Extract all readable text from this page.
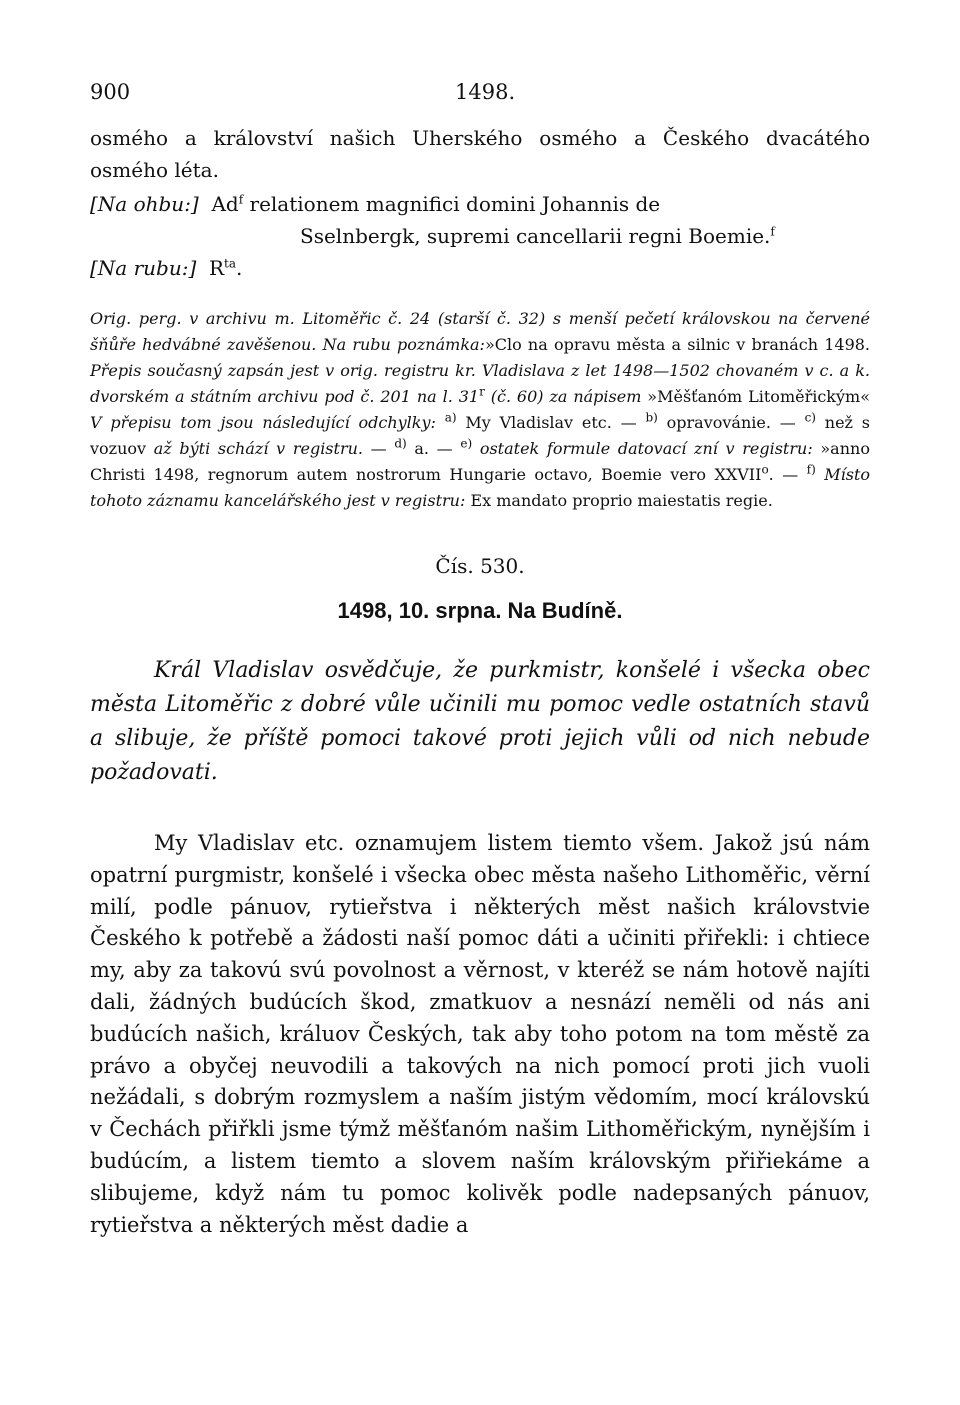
900	1498.
osmého a království našich Uherského osmého a Českého dvacátého osmého léta.
[Na ohbu:] Ad$^f$ relationem magnifici domini Johannis de
Sselnbergk, supremi cancellarii regni Boemie.$^f$
[Na rubu:] $R^{ta}$.
Orig. perg. v archivu m. Litoměřic č. 24 (starší č. 32) s menší pečetí královskou na červené šňůře hedvábné zavěšenou. Na rubu poznámka:»Clo na opravu města a silnic v branách 1498. Přepis současný zapsán jest v orig. registru kr. Vladislava z let 1498—1502 chovaném v c. a k. dvorském a státním archivu pod č. 201 na l. 31$^r$ (č. 60) za nápisem »Měšťanóm Litoměřickým« V přepisu tom jsou následující odchylky: $^{a)}$ My Vladislav etc. — $^{b)}$ opravovánie. — $^{c)}$ než s vozuov až býti schází v registru. — $^{d)}$ a. — $^{e)}$ ostatek formule datovací zní v registru: »anno Christi 1498, regnorum autem nostrorum Hungarie octavo, Boemie vero XXVII$^o$. — $^{f)}$ Místo tohoto záznamu kancelářského jest v registru: Ex mandato proprio maiestatis regie.
Čís. 530.
1498, 10. srpna. Na Budíně.
Král Vladislav osvědčuje, že purkmistr, konšelé i všecka obec města Litoměřic z dobré vůle učinili mu pomoc vedle ostatních stavů a slibuje, že příště pomoci takové proti jejich vůli od nich nebude požadovati.
My Vladislav etc. oznamujem listem tiemto všem. Jakož jsú nám opatrní purgmistr, konšelé i všecka obec města našeho Lithoměřic, věrní milí, podle pánuov, rytieřstva i některých měst našich královstvie Českého k potřebě a žádosti naší pomoc dáti a učiniti přiřekli: i chtiece my, aby za takovú svú povolnost a věrnost, v kteréž se nám hotově najíti dali, žádných budúcích škod, zmatkuov a nesnází neměli od nás ani budúcích našich, králuov Českých, tak aby toho potom na tom městě za právo a obyčej neuvodili a takových na nich pomocí proti jich vuoli nežádali, s dobrým rozmyslem a naším jistým vědomím, mocí královskú v Čechách přiřkli jsme týmž měšťanóm našim Lithoměřickým, nynějším i budúcím, a listem tiemto a slovem naším královským přiřiekáme a slibujeme, když nám tu pomoc kolivěk podle nadepsaných pánuov, rytieřstva a některých měst dadie a
